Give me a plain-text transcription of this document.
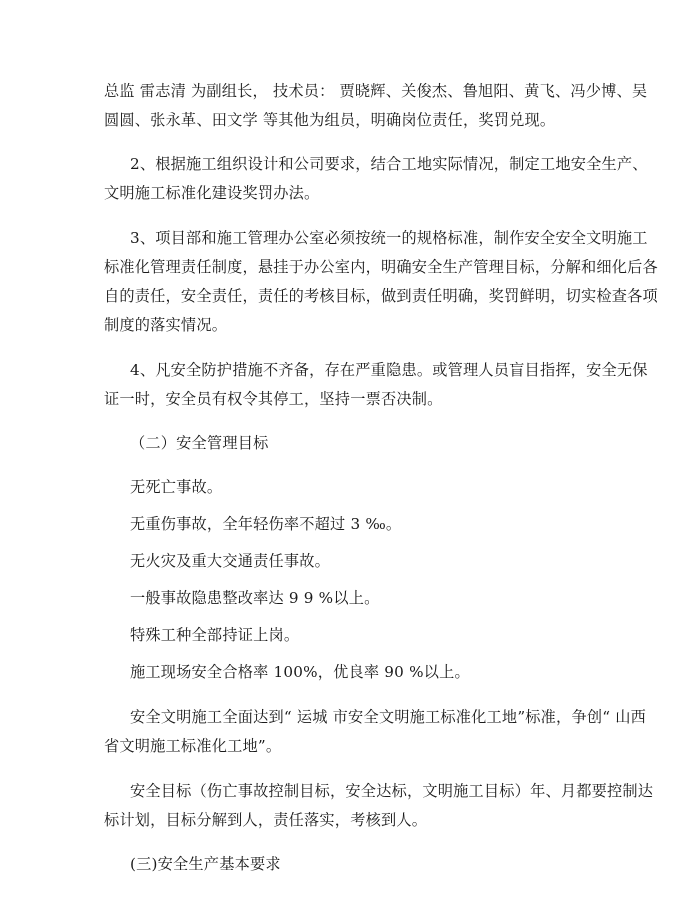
总监 雷志清 为副组长， 技术员： 贾晓辉、关俊杰、鲁旭阳、黄飞、冯少博、吴
圆圆、张永革、田文学 等其他为组员，明确岗位责任，奖罚兑现。
2、根据施工组织设计和公司要求，结合工地实际情况，制定工地安全生产、
文明施工标准化建设奖罚办法。
3、项目部和施工管理办公室必须按统一的规格标准，制作安全安全文明施工
标准化管理责任制度，悬挂于办公室内，明确安全生产管理目标，分解和细化后各
自的责任，安全责任，责任的考核目标，做到责任明确，奖罚鲜明，切实检查各项
制度的落实情况。
4、凡安全防护措施不齐备，存在严重隐患。或管理人员盲目指挥，安全无保
证一时，安全员有权令其停工，坚持一票否决制。
（二）安全管理目标
无死亡事故。
无重伤事故，全年轻伤率不超过 3 ‰。
无火灾及重大交通责任事故。
一般事故隐患整改率达 9 9 %以上。
特殊工种全部持证上岗。
施工现场安全合格率 100%，优良率 90 %以上。
安全文明施工全面达到“ 运城 市安全文明施工标准化工地”标准，争创“ 山西
省文明施工标准化工地”。
安全目标（伤亡事故控制目标，安全达标，文明施工目标）年、月都要控制达
标计划，目标分解到人，责任落实，考核到人。
(三)安全生产基本要求
